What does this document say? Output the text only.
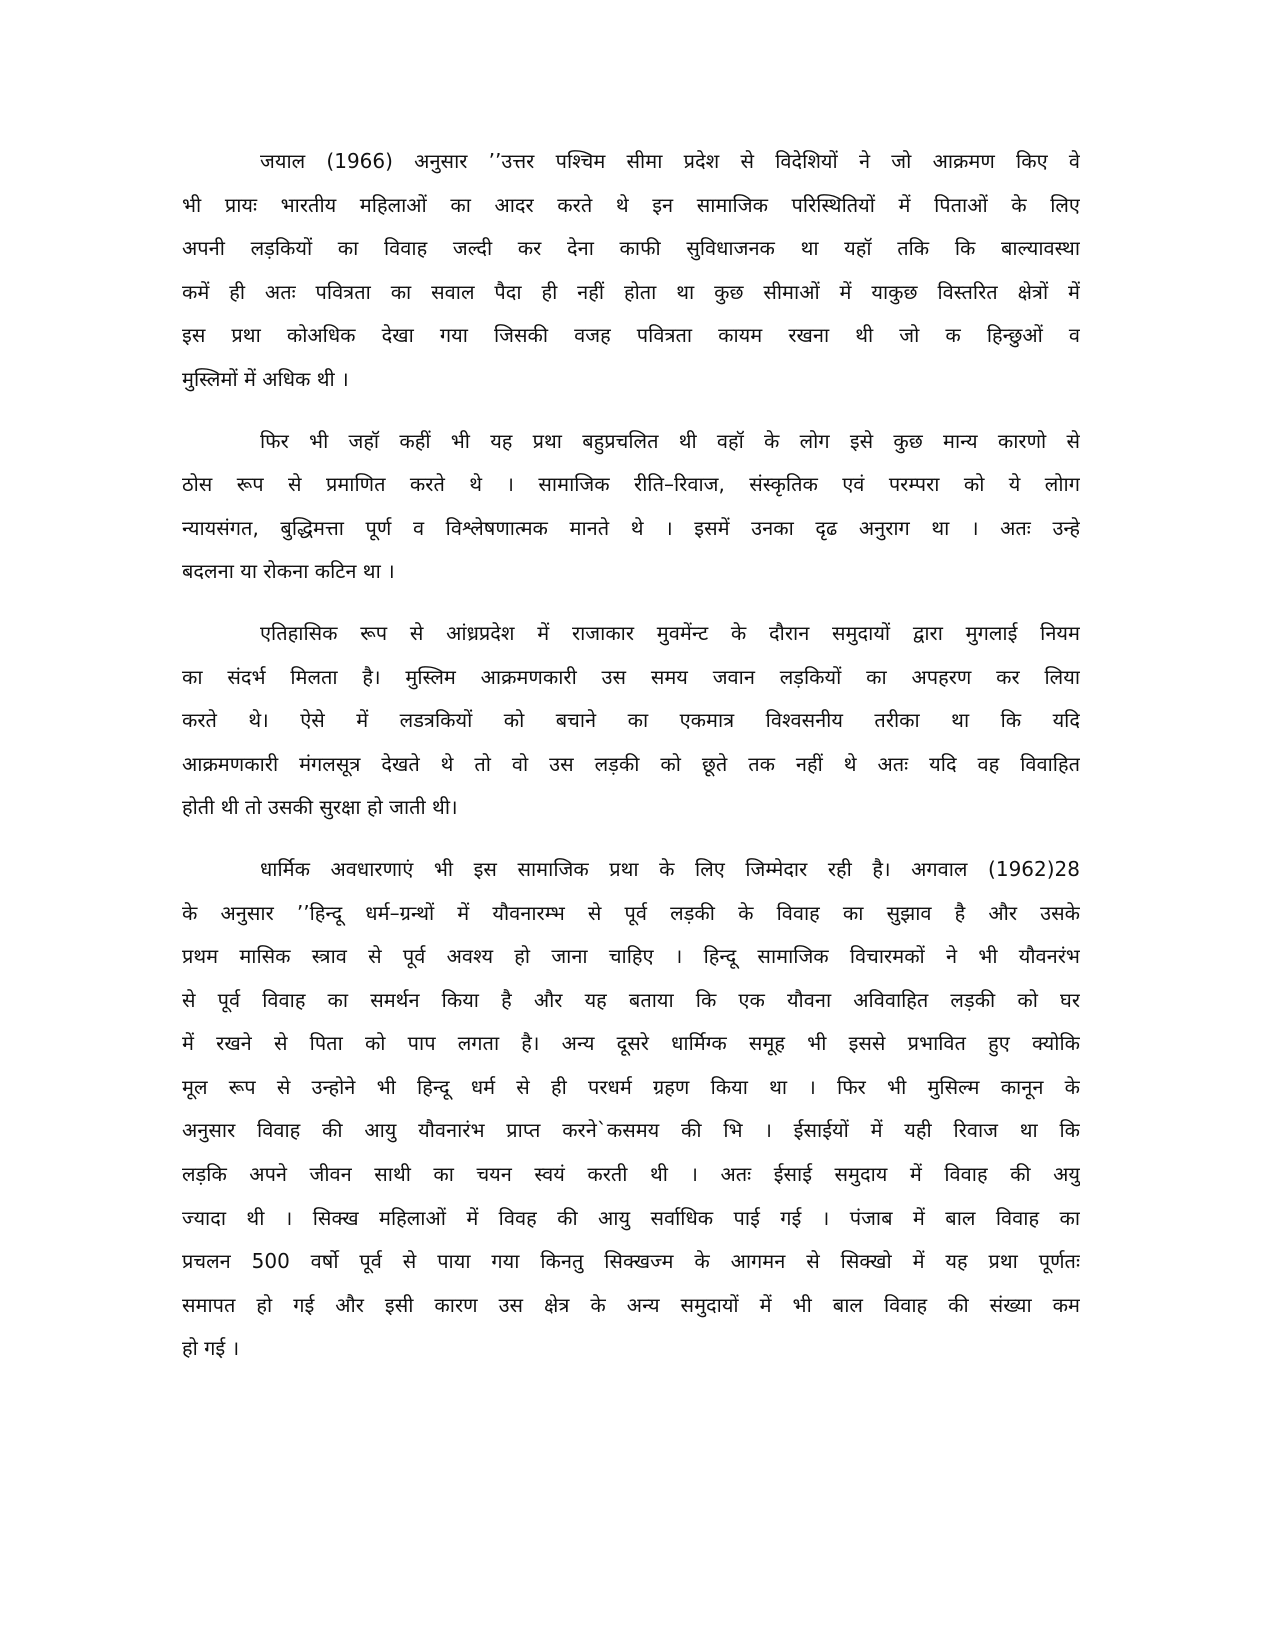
जयाल (1966) अनुसार ’’उत्तर पश्चिम सीमा प्रदेश से विदेशियों ने जो आक्रमण किए वे
भी प्रायः भारतीय महिलाओं का आदर करते थे इन सामाजिक परिस्थितियों में पिताओं के लिए
अपनी लड़कियों का विवाह जल्दी कर देना काफी सुविधाजनक था यहॉ तकि कि बाल्यावस्था
कमें ही अतः पवित्रता का सवाल पैदा ही नहीं होता था कुछ सीमाओं में याकुछ विस्तरित क्षेत्रों में
इस प्रथा कोअधिक देखा गया जिसकी वजह पवित्रता कायम रखना थी जो क हिन्छुओं व
मुस्लिमों में अधिक थी ।
फिर भी जहॉ कहीं भी यह प्रथा बहुप्रचलित थी वहॉ के लोग इसे कुछ मान्य कारणो से
ठोस रूप से प्रमाणित करते थे । सामाजिक रीति–रिवाज, संस्कृतिक एवं परम्परा को ये लोाग
न्यायसंगत, बुद्धिमत्ता पूर्ण व विश्लेषणात्मक मानते थे । इसमें उनका दृढ अनुराग था । अतः उन्हे
बदलना या रोकना कटिन था ।
एतिहासिक रूप से आंध्रप्रदेश में राजाकार मुवमेंन्ट के दौरान समुदायों द्वारा मुगलाई नियम
का संदर्भ मिलता है। मुस्लिम आक्रमणकारी उस समय जवान लड़कियों का अपहरण कर लिया
करते थे। ऐसे में लडत्रकियों को बचाने का एकमात्र विश्वसनीय तरीका था कि यदि
आक्रमणकारी मंगलसूत्र देखते थे तो वो उस लड़की को छूते तक नहीं थे अतः यदि वह विवाहित
होती थी तो उसकी सुरक्षा हो जाती थी।
धार्मिक अवधारणाएं भी इस सामाजिक प्रथा के लिए जिम्मेदार रही है। अगवाल (1962)28
के अनुसार ’’हिन्दू धर्म–ग्रन्थों में यौवनारम्भ से पूर्व लड़की के विवाह का सुझाव है और उसके
प्रथम मासिक स्त्राव से पूर्व अवश्य हो जाना चाहिए । हिन्दू सामाजिक विचारमकों ने भी यौवनरंभ
से पूर्व विवाह का समर्थन किया है और यह बताया कि एक यौवना अविवाहित लड़की को घर
में रखने से पिता को पाप लगता है। अन्य दूसरे धार्मिग्क समूह भी इससे प्रभावित हुए क्योकि
मूल रूप से उन्होने भी हिन्दू धर्म से ही परधर्म ग्रहण किया था । फिर भी मुसिल्म कानून के
अनुसार विवाह की आयु यौवनारंभ प्राप्त करने`कसमय की भि । ईसाईयों में यही रिवाज था कि
लड़कि अपने जीवन साथी का चयन स्वयं करती थी । अतः ईसाई समुदाय में विवाह की अयु
ज्यादा थी । सिक्ख महिलाओं में विवह की आयु सर्वाधिक पाई गई । पंजाब में बाल विवाह का
प्रचलन 500 वर्षो पूर्व से पाया गया किनतु सिक्खज्म के आगमन से सिक्खो में यह प्रथा पूर्णतः
समापत हो गई और इसी कारण उस क्षेत्र के अन्य समुदायों में भी बाल विवाह की संख्या कम
हो गई ।
